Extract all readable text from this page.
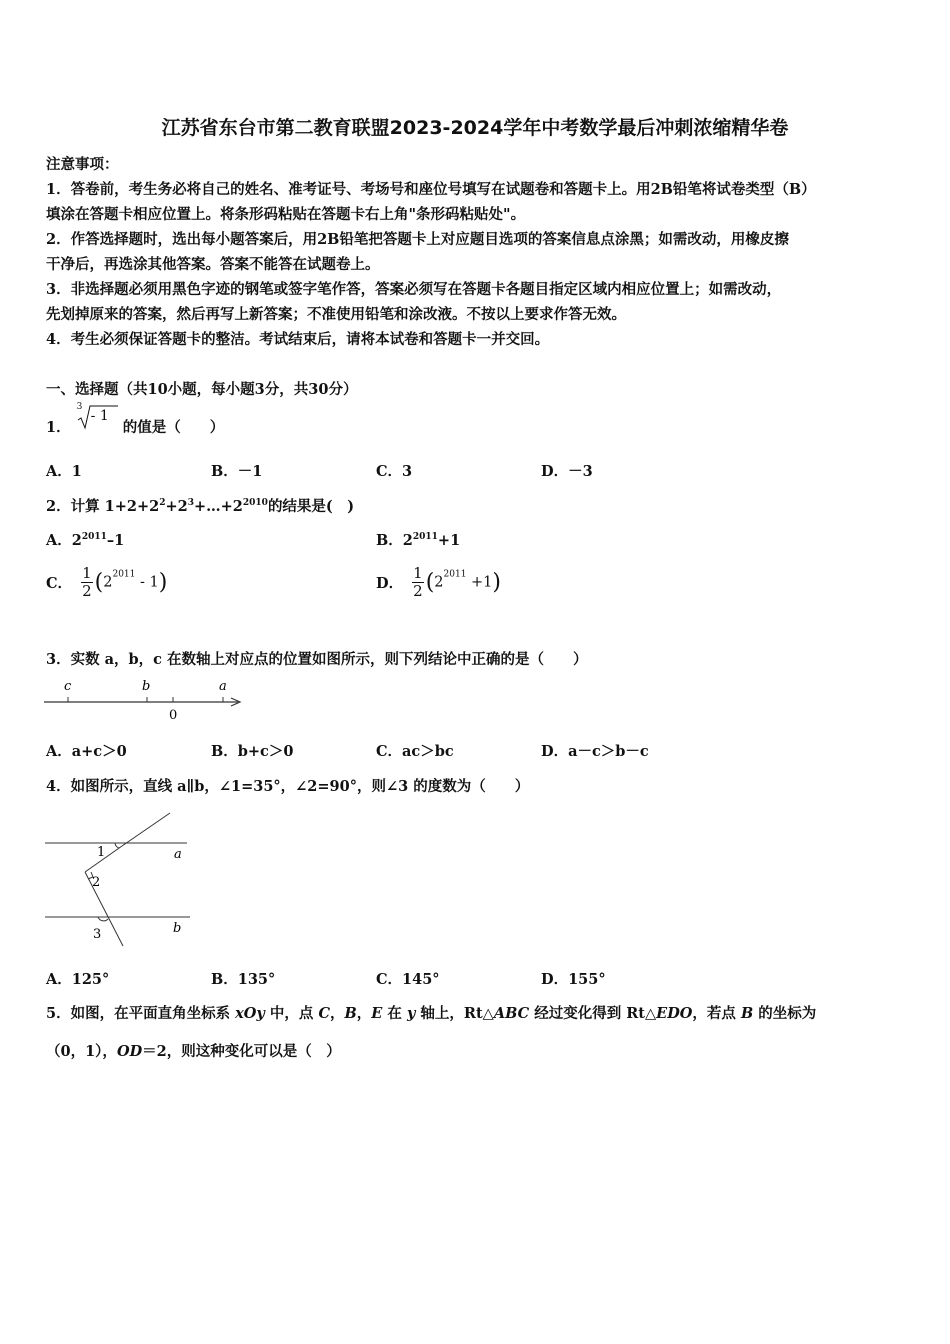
江苏省东台市第二教育联盟2023-2024学年中考数学最后冲刺浓缩精华卷
注意事项：
1．答卷前，考生务必将自己的姓名、准考证号、考场号和座位号填写在试题卷和答题卡上。用2B铅笔将试卷类型（B）
填涂在答题卡相应位置上。将条形码粘贴在答题卡右上角"条形码粘贴处"。
2．作答选择题时，选出每小题答案后，用2B铅笔把答题卡上对应题目选项的答案信息点涂黑；如需改动，用橡皮擦
干净后，再选涂其他答案。答案不能答在试题卷上。
3．非选择题必须用黑色字迹的钢笔或签字笔作答，答案必须写在答题卡各题目指定区域内相应位置上；如需改动，
先划掉原来的答案，然后再写上新答案；不准使用铅笔和涂改液。不按以上要求作答无效。
4．考生必须保证答题卡的整洁。考试结束后，请将本试卷和答题卡一并交回。
一、选择题（共10小题，每小题3分，共30分）
1．
3
- 1
的值是（　　）
A．1	B．－1	C．3	D．－3
2．计算 $1+2+2^2+2^3+\dots+2^{2010}$的结果是(　)
A．$2^{2011}-1$	B．$2^{2011}+1$
C． $\frac{1}{2} (2^{2011} - 1)$	D． $\frac{1}{2} (2^{2011} +1)$
3．实数 a，b，c 在数轴上对应点的位置如图所示，则下列结论中正确的是（　　）
c	b
0
a
A．a+c＞0	B．b+c＞0	C．ac＞bc	D．a－c＞b－c
4．如图所示，直线 a∥b，∠1=35°，∠2=90°，则∠3 的度数为（　　）
1
2
3
a
b
A．125°	B．135°	C．145°	D．155°
5．如图，在平面直角坐标系 xOy 中，点 C，B，E 在 y 轴上，Rt△ABC 经过变化得到 Rt△EDO，若点 B 的坐标为
（0，1），OD＝2，则这种变化可以是（　）
